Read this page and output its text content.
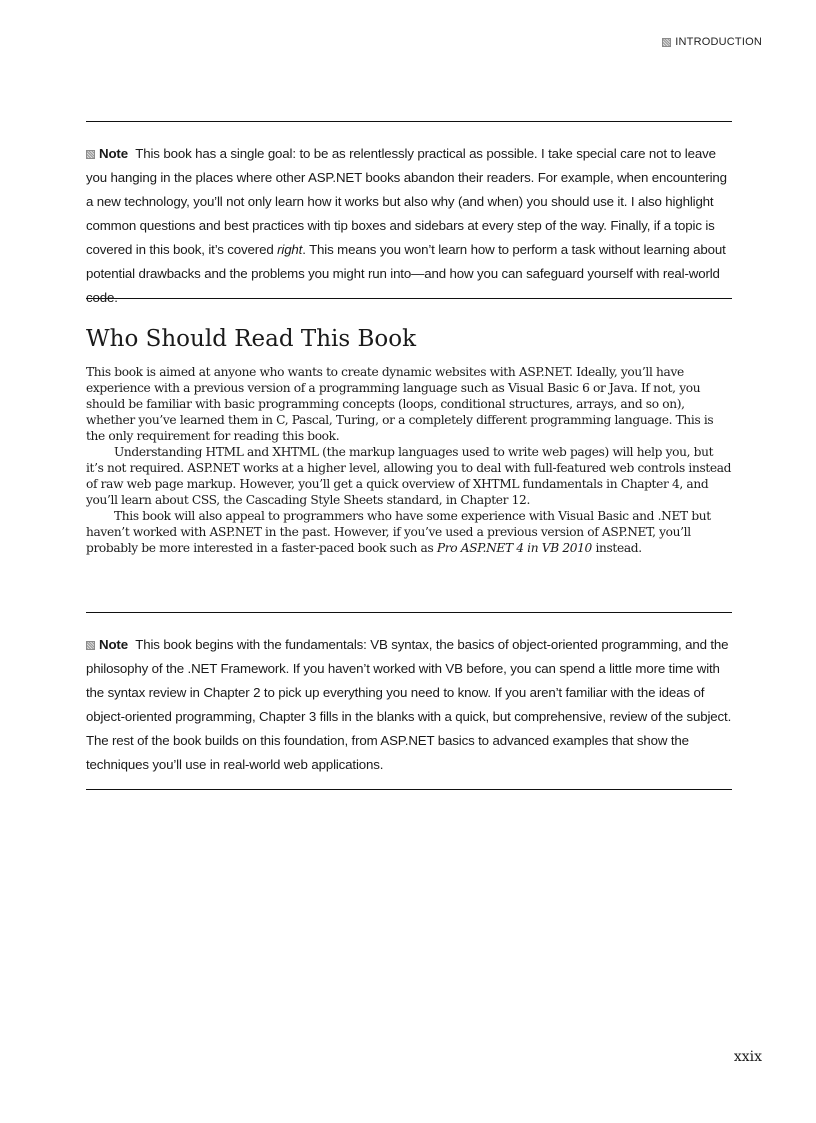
INTRODUCTION

Note This book has a single goal: to be as relentlessly practical as possible. I take special care not to leave you hanging in the places where other ASP.NET books abandon their readers. For example, when encountering a new technology, you’ll not only learn how it works but also why (and when) you should use it. I also highlight common questions and best practices with tip boxes and sidebars at every step of the way. Finally, if a topic is covered in this book, it’s covered right. This means you won’t learn how to perform a task without learning about potential drawbacks and the problems you might run into—and how you can safeguard yourself with real-world code.

Who Should Read This Book

This book is aimed at anyone who wants to create dynamic websites with ASP.NET. Ideally, you’ll have experience with a previous version of a programming language such as Visual Basic 6 or Java. If not, you should be familiar with basic programming concepts (loops, conditional structures, arrays, and so on), whether you’ve learned them in C, Pascal, Turing, or a completely different programming language. This is the only requirement for reading this book.

Understanding HTML and XHTML (the markup languages used to write web pages) will help you, but it’s not required. ASP.NET works at a higher level, allowing you to deal with full-featured web controls instead of raw web page markup. However, you’ll get a quick overview of XHTML fundamentals in Chapter 4, and you’ll learn about CSS, the Cascading Style Sheets standard, in Chapter 12.

This book will also appeal to programmers who have some experience with Visual Basic and .NET but haven’t worked with ASP.NET in the past. However, if you’ve used a previous version of ASP.NET, you’ll probably be more interested in a faster-paced book such as Pro ASP.NET 4 in VB 2010 instead.

Note This book begins with the fundamentals: VB syntax, the basics of object-oriented programming, and the philosophy of the .NET Framework. If you haven’t worked with VB before, you can spend a little more time with the syntax review in Chapter 2 to pick up everything you need to know. If you aren’t familiar with the ideas of object-oriented programming, Chapter 3 fills in the blanks with a quick, but comprehensive, review of the subject. The rest of the book builds on this foundation, from ASP.NET basics to advanced examples that show the techniques you’ll use in real-world web applications.

xxix
